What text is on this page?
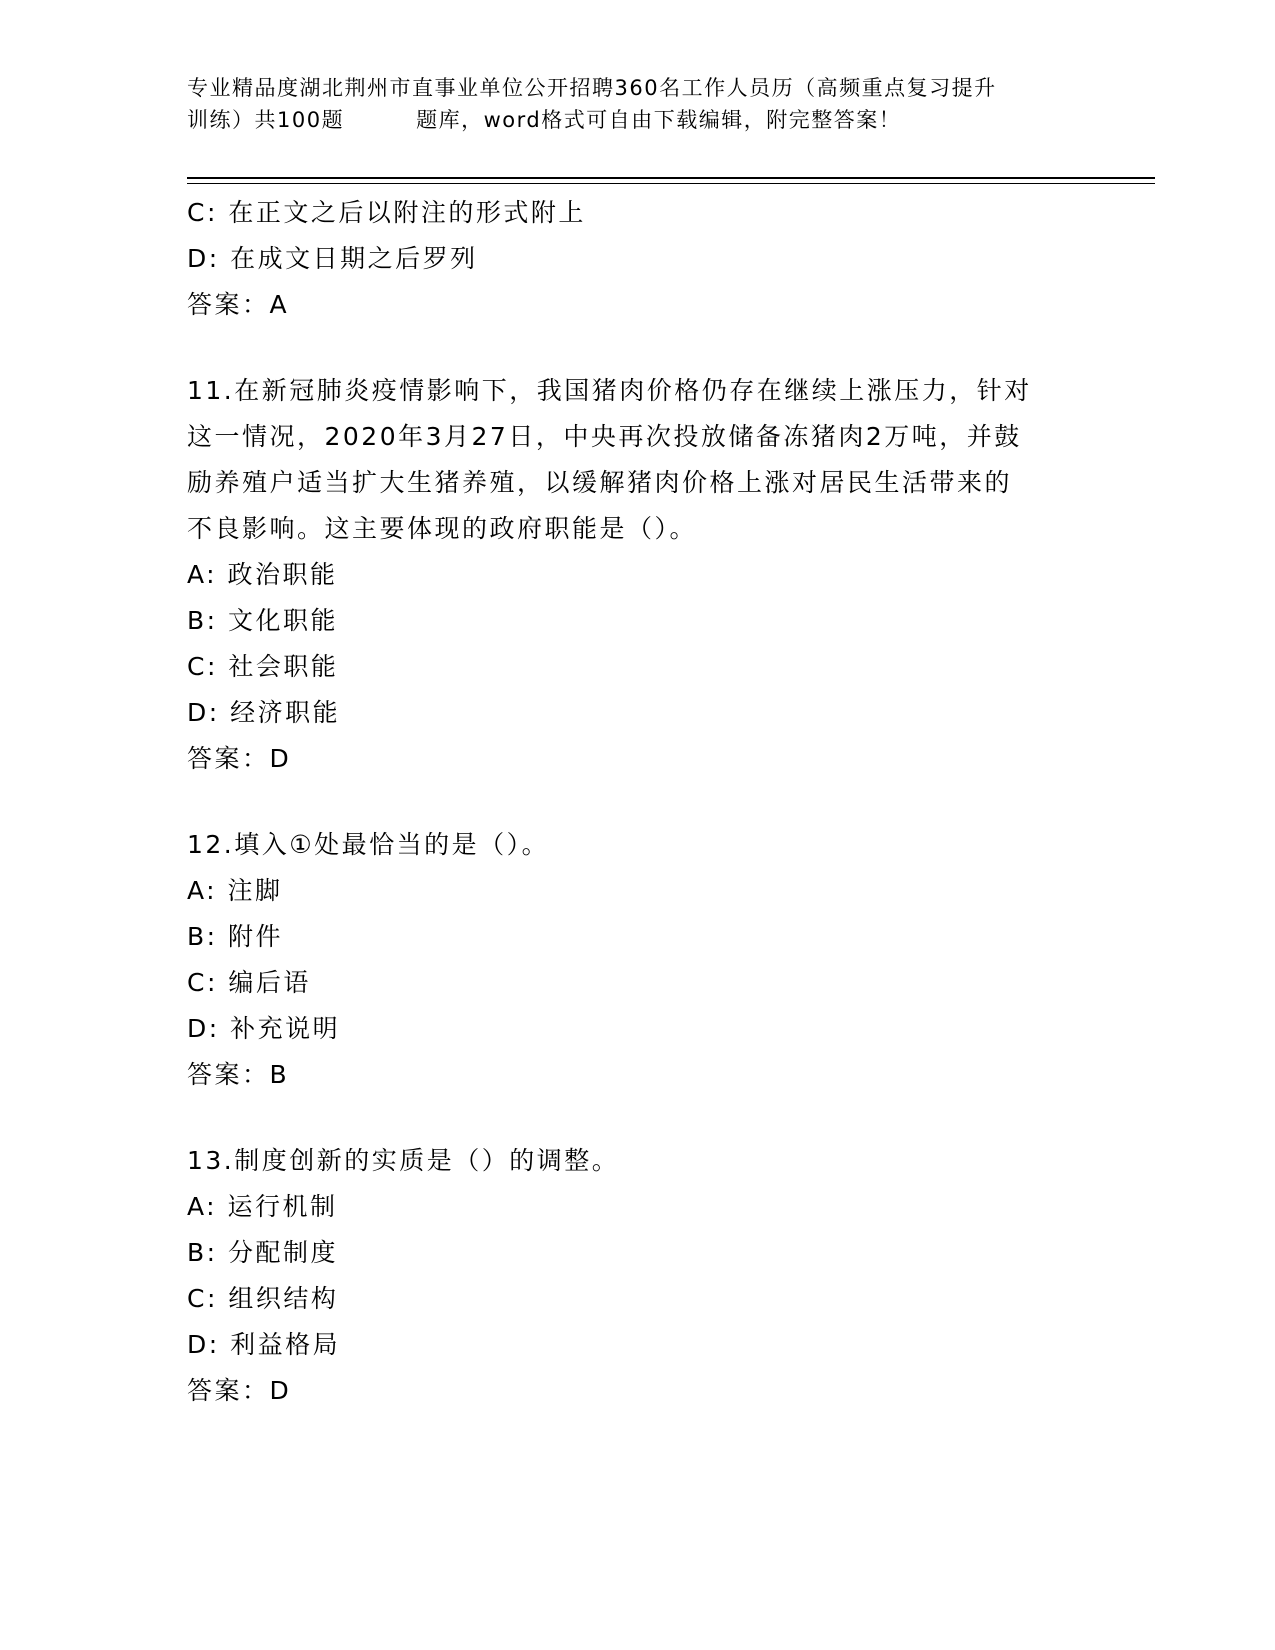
专业精品度湖北荆州市直事业单位公开招聘360名工作人员历（高频重点复习提升
训练）共100题	题库，word格式可自由下载编辑，附完整答案！
C: 在正文之后以附注的形式附上
D: 在成文日期之后罗列
答案：A
11.在新冠肺炎疫情影响下，我国猪肉价格仍存在继续上涨压力，针对
这一情况，2020年3月27日，中央再次投放储备冻猪肉2万吨，并鼓
励养殖户适当扩大生猪养殖，以缓解猪肉价格上涨对居民生活带来的
不良影响。这主要体现的政府职能是（）。
A: 政治职能
B: 文化职能
C: 社会职能
D: 经济职能
答案：D
12.填入①处最恰当的是（）。
A: 注脚
B: 附件
C: 编后语
D: 补充说明
答案：B
13.制度创新的实质是（）的调整。
A: 运行机制
B: 分配制度
C: 组织结构
D: 利益格局
答案：D
